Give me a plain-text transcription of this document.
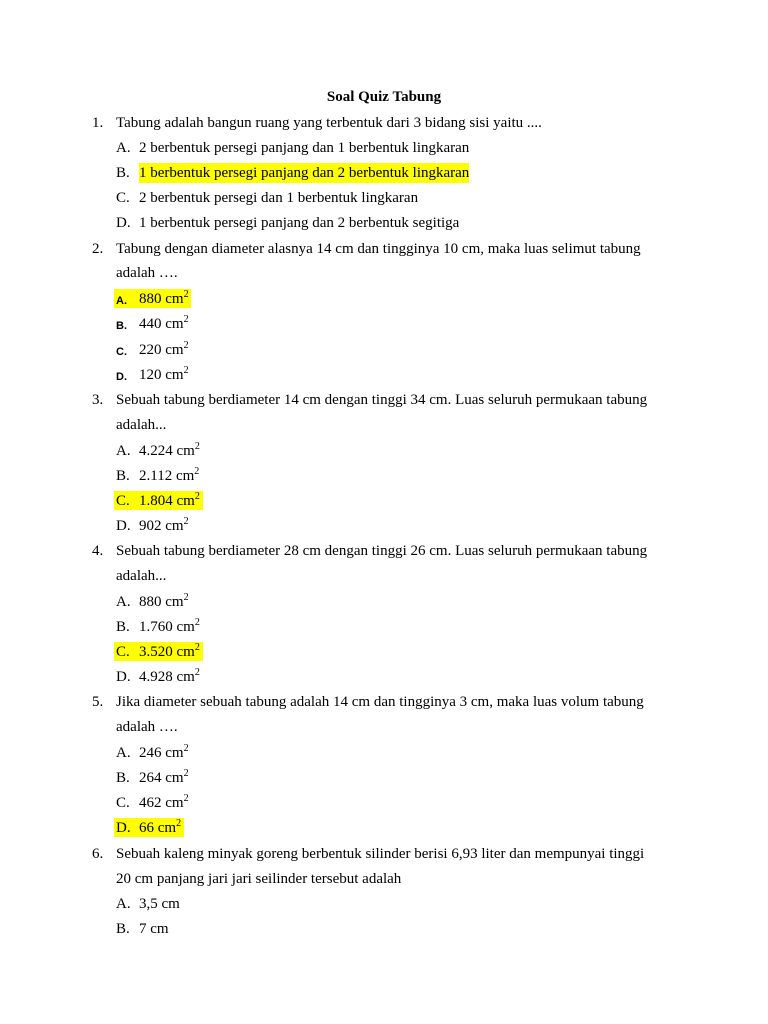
Soal Quiz Tabung
1. Tabung adalah bangun ruang yang terbentuk dari 3 bidang sisi yaitu ....
A. 2 berbentuk persegi panjang dan 1 berbentuk lingkaran
B. 1 berbentuk persegi panjang dan 2 berbentuk lingkaran
C. 2 berbentuk persegi dan 1 berbentuk lingkaran
D. 1 berbentuk persegi panjang dan 2 berbentuk segitiga
2. Tabung dengan diameter alasnya 14 cm dan tingginya 10 cm, maka luas selimut tabung
adalah ….
A. 880 $cm^2$
B. 440 $cm^2$
C. 220 $cm^2$
D. 120 $cm^2$
3. Sebuah tabung berdiameter 14 cm dengan tinggi 34 cm. Luas seluruh permukaan tabung
adalah...
A. 4.224 $cm^2$
B. 2.112 $cm^2$
C. 1.804 $cm^2$
D. 902 $cm^2$
4. Sebuah tabung berdiameter 28 cm dengan tinggi 26 cm. Luas seluruh permukaan tabung
adalah...
A. 880 $cm^2$
B. 1.760 $cm^2$
C. 3.520 $cm^2$
D. 4.928 $cm^2$
5. Jika diameter sebuah tabung adalah 14 cm dan tingginya 3 cm, maka luas volum tabung
adalah ….
A. 246 $cm^2$
B. 264 $cm^2$
C. 462 $cm^2$
D. 66 $cm^2$
6. Sebuah kaleng minyak goreng berbentuk silinder berisi 6,93 liter dan mempunyai tinggi
20 cm panjang jari jari seilinder tersebut adalah
A. 3,5 cm
B. 7 cm
